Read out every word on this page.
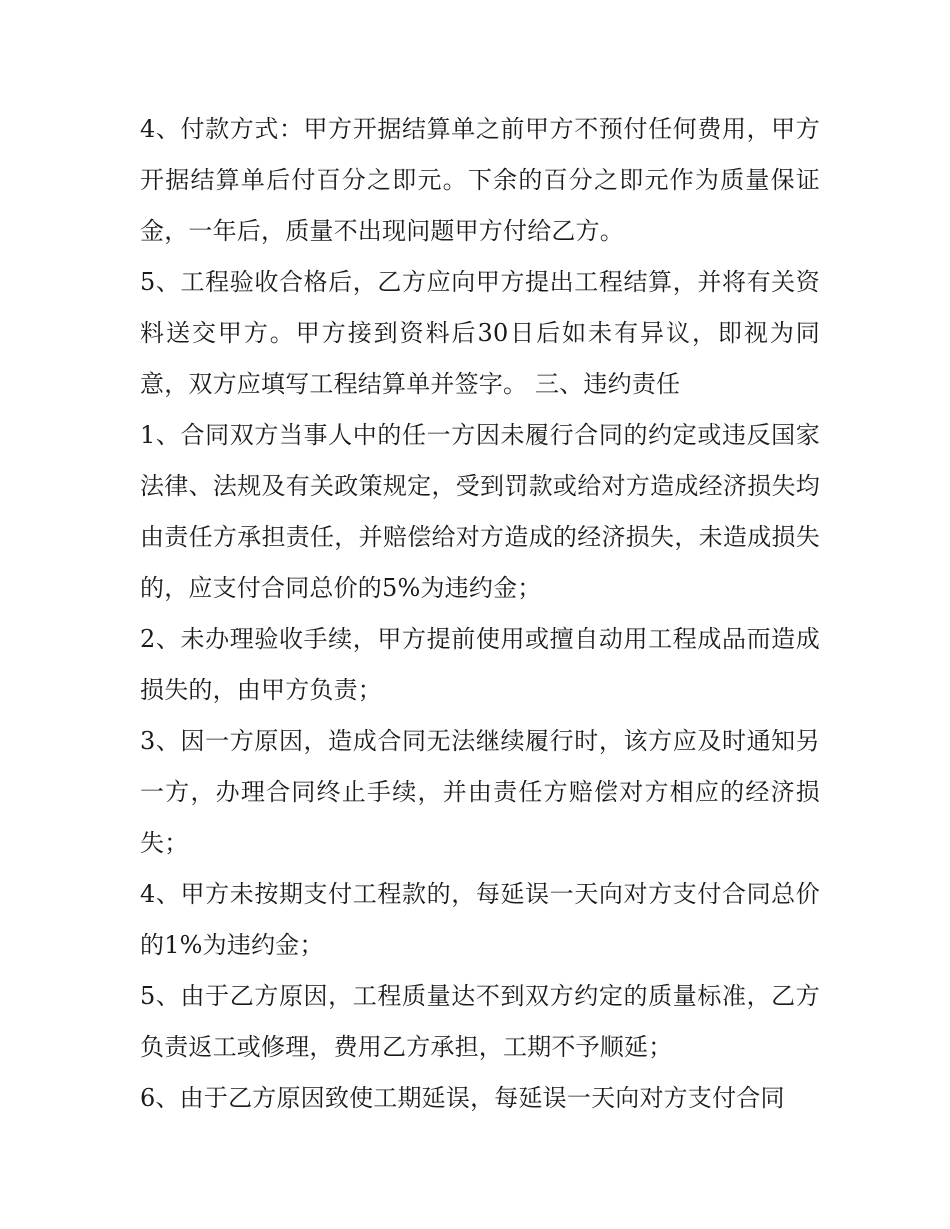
4、付款方式：甲方开据结算单之前甲方不预付任何费用，甲方开据结算单后付百分之即元。下余的百分之即元作为质量保证金，一年后，质量不出现问题甲方付给乙方。

5、工程验收合格后，乙方应向甲方提出工程结算，并将有关资料送交甲方。甲方接到资料后30日后如未有异议，即视为同意，双方应填写工程结算单并签字。 三、违约责任

1、合同双方当事人中的任一方因未履行合同的约定或违反国家法律、法规及有关政策规定，受到罚款或给对方造成经济损失均由责任方承担责任，并赔偿给对方造成的经济损失，未造成损失的，应支付合同总价的5%为违约金；

2、未办理验收手续，甲方提前使用或擅自动用工程成品而造成损失的，由甲方负责；

3、因一方原因，造成合同无法继续履行时，该方应及时通知另一方，办理合同终止手续，并由责任方赔偿对方相应的经济损失；

4、甲方未按期支付工程款的，每延误一天向对方支付合同总价的1%为违约金；

5、由于乙方原因，工程质量达不到双方约定的质量标准，乙方负责返工或修理，费用乙方承担，工期不予顺延；

6、由于乙方原因致使工期延误，每延误一天向对方支付合同
